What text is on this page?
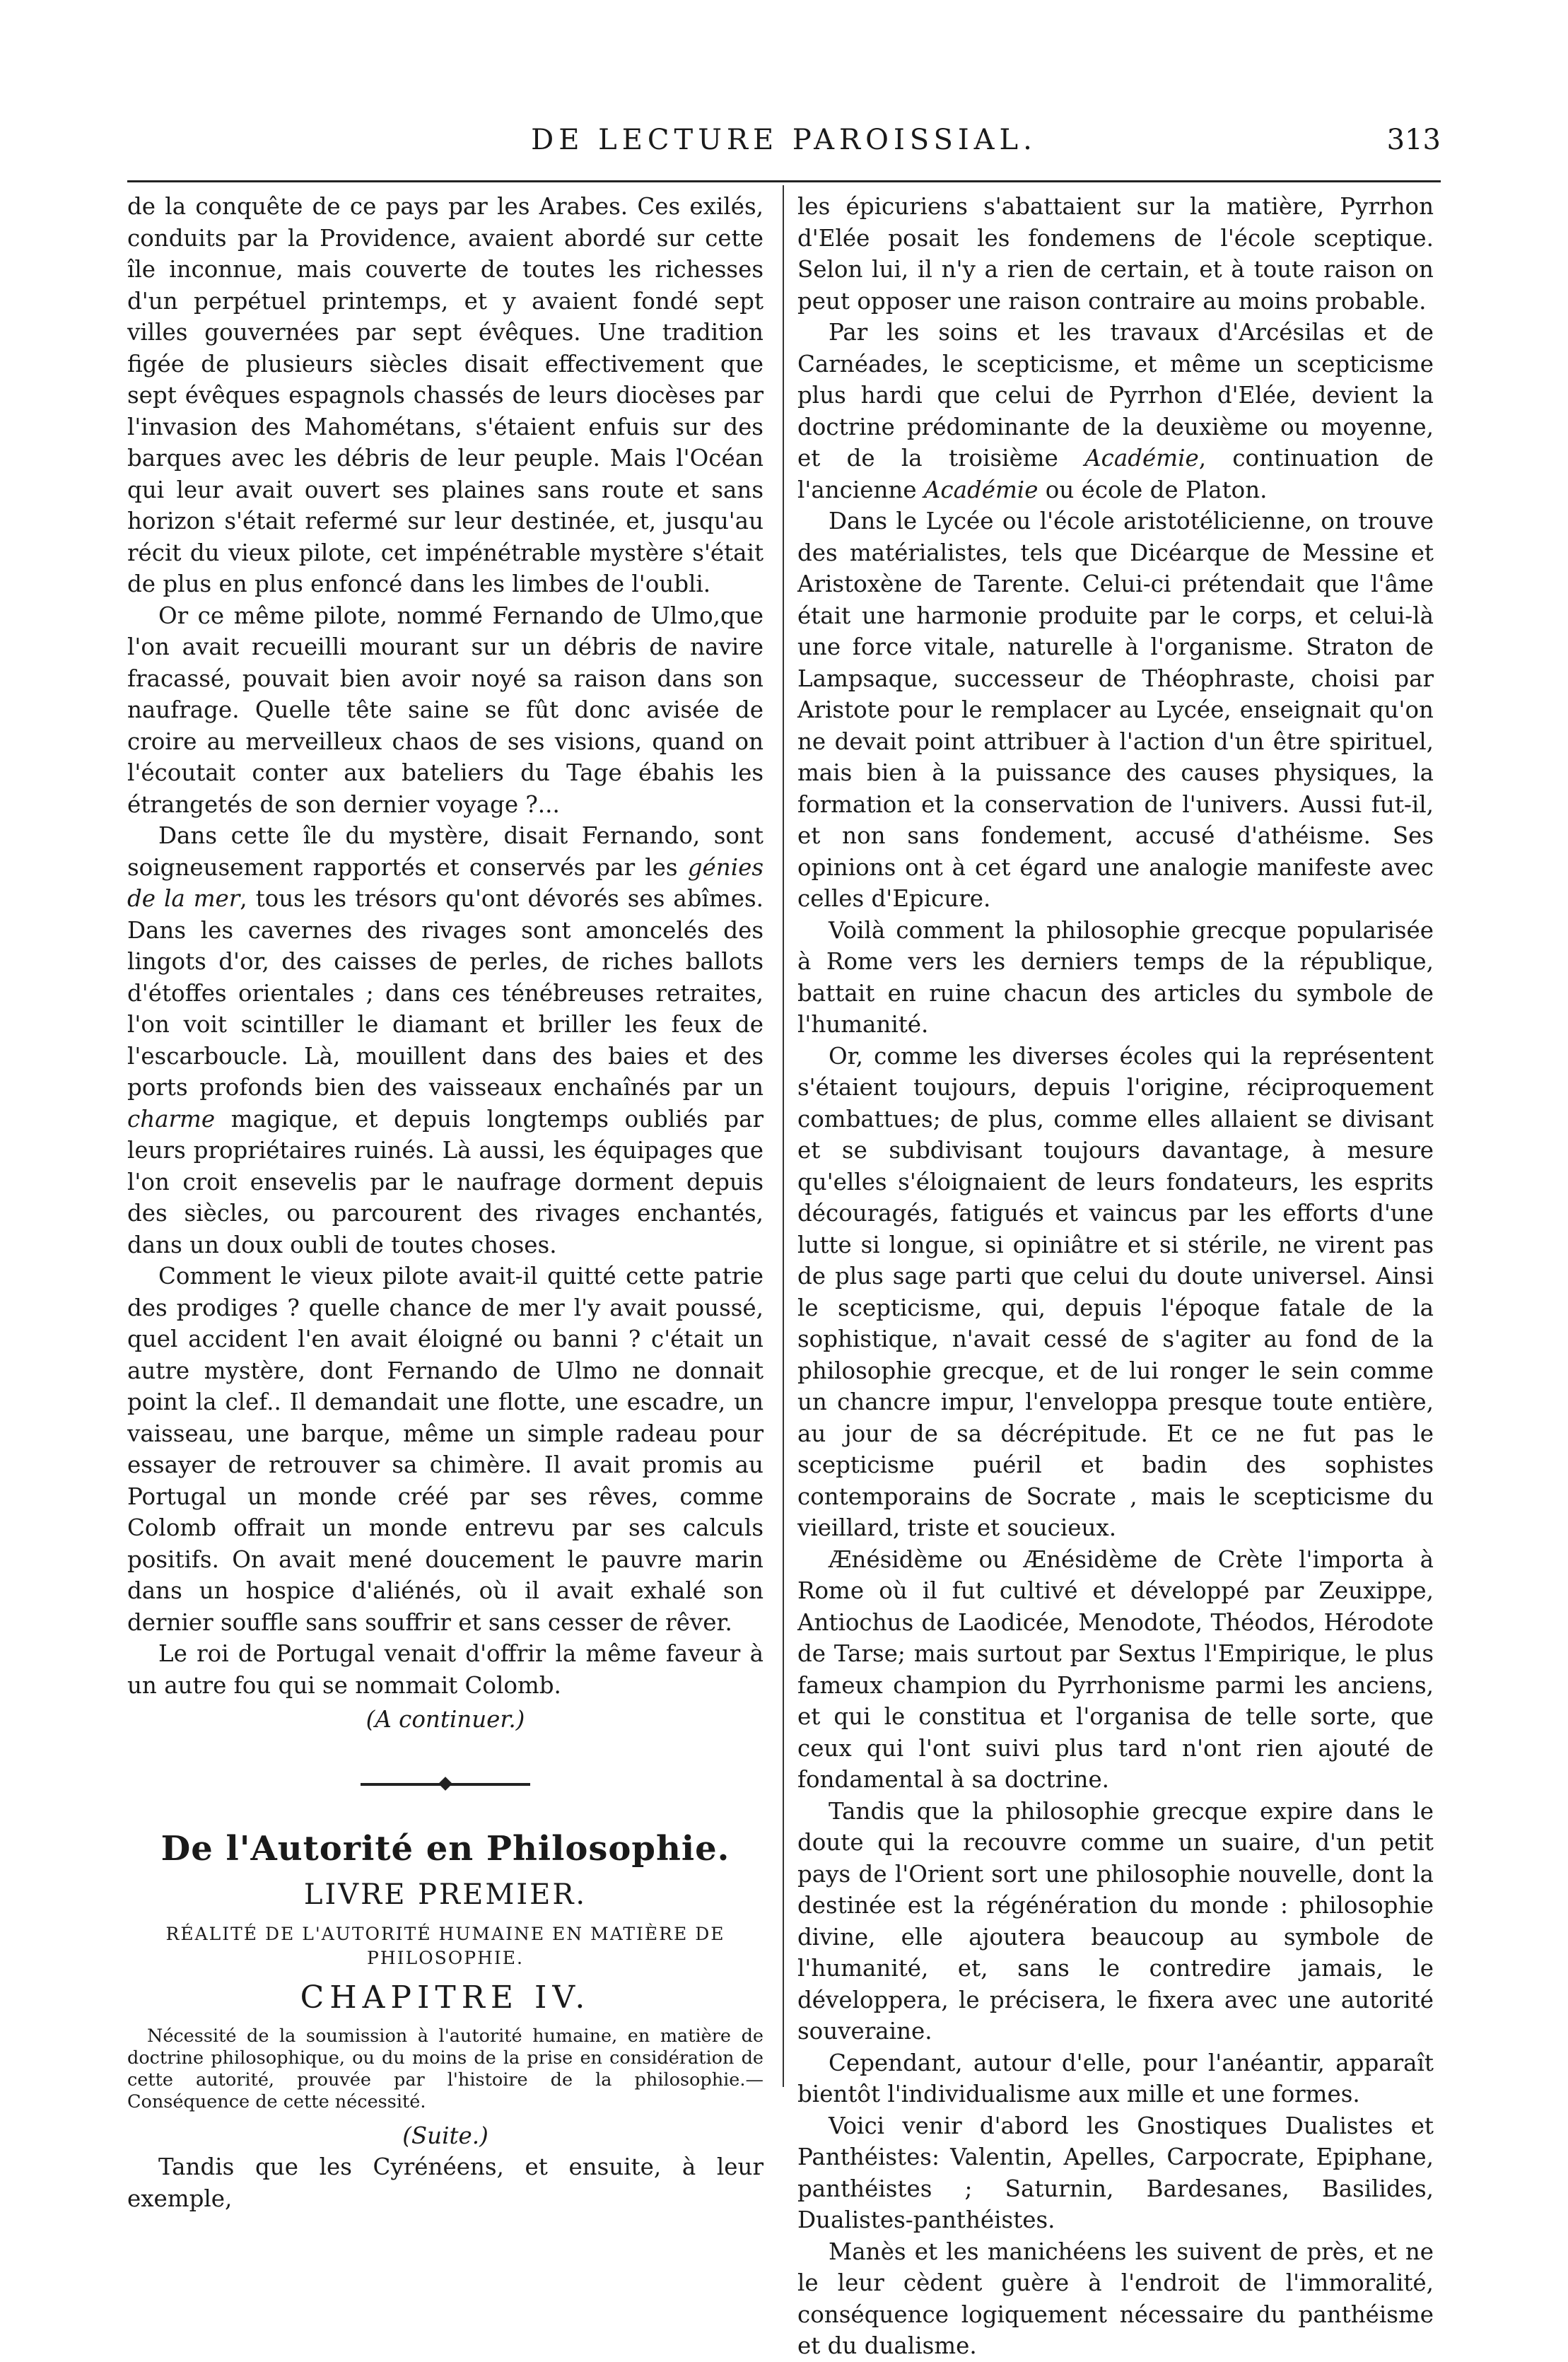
DE LECTURE PAROISSIAL.	313

de la conquête de ce pays par les Arabes. Ces exilés, conduits par la Providence, avaient abordé sur cette île inconnue, mais couverte de toutes les richesses d'un perpétuel printemps, et y avaient fondé sept villes gouvernées par sept évêques. Une tradition figée de plusieurs siècles disait effectivement que sept évêques espagnols chassés de leurs diocèses par l'invasion des Mahométans, s'étaient enfuis sur des barques avec les débris de leur peuple. Mais l'Océan qui leur avait ouvert ses plaines sans route et sans horizon s'était refermé sur leur destinée, et, jusqu'au récit du vieux pilote, cet impénétrable mystère s'était de plus en plus enfoncé dans les limbes de l'oubli.

Or ce même pilote, nommé Fernando de Ulmo,que l'on avait recueilli mourant sur un débris de navire fracassé, pouvait bien avoir noyé sa raison dans son naufrage. Quelle tête saine se fût donc avisée de croire au merveilleux chaos de ses visions, quand on l'écoutait conter aux bateliers du Tage ébahis les étrangetés de son dernier voyage ?...

Dans cette île du mystère, disait Fernando, sont soigneusement rapportés et conservés par les génies de la mer, tous les trésors qu'ont dévorés ses abîmes. Dans les cavernes des rivages sont amoncelés des lingots d'or, des caisses de perles, de riches ballots d'étoffes orientales ; dans ces ténébreuses retraites, l'on voit scintiller le diamant et briller les feux de l'escarboucle. Là, mouillent dans des baies et des ports profonds bien des vaisseaux enchaînés par un charme magique, et depuis longtemps oubliés par leurs propriétaires ruinés. Là aussi, les équipages que l'on croit ensevelis par le naufrage dorment depuis des siècles, ou parcourent des rivages enchantés, dans un doux oubli de toutes choses.

Comment le vieux pilote avait-il quitté cette patrie des prodiges ? quelle chance de mer l'y avait poussé, quel accident l'en avait éloigné ou banni ? c'était un autre mystère, dont Fernando de Ulmo ne donnait point la clef.. Il demandait une flotte, une escadre, un vaisseau, une barque, même un simple radeau pour essayer de retrouver sa chimère. Il avait promis au Portugal un monde créé par ses rêves, comme Colomb offrait un monde entrevu par ses calculs positifs. On avait mené doucement le pauvre marin dans un hospice d'aliénés, où il avait exhalé son dernier souffle sans souffrir et sans cesser de rêver.

Le roi de Portugal venait d'offrir la même faveur à un autre fou qui se nommait Colomb.

(A continuer.)
De l'Autorité en Philosophie.
LIVRE PREMIER.
RÉALITÉ DE L'AUTORITÉ HUMAINE EN MATIÈRE DE PHILOSOPHIE.
CHAPITRE IV.
Nécessité de la soumission à l'autorité humaine, en matière de doctrine philosophique, ou du moins de la prise en considération de cette autorité, prouvée par l'histoire de la philosophie.—Conséquence de cette nécessité.
(Suite.)

Tandis que les Cyrénéens, et ensuite, à leur exemple,

les épicuriens s'abattaient sur la matière, Pyrrhon d'Elée posait les fondemens de l'école sceptique. Selon lui, il n'y a rien de certain, et à toute raison on peut opposer une raison contraire au moins probable.

Par les soins et les travaux d'Arcésilas et de Carnéades, le scepticisme, et même un scepticisme plus hardi que celui de Pyrrhon d'Elée, devient la doctrine prédominante de la deuxième ou moyenne, et de la troisième Académie, continuation de l'ancienne Académie ou école de Platon.

Dans le Lycée ou l'école aristotélicienne, on trouve des matérialistes, tels que Dicéarque de Messine et Aristoxène de Tarente. Celui-ci prétendait que l'âme était une harmonie produite par le corps, et celui-là une force vitale, naturelle à l'organisme. Straton de Lampsaque, successeur de Théophraste, choisi par Aristote pour le remplacer au Lycée, enseignait qu'on ne devait point attribuer à l'action d'un être spirituel, mais bien à la puissance des causes physiques, la formation et la conservation de l'univers. Aussi fut-il, et non sans fondement, accusé d'athéisme. Ses opinions ont à cet égard une analogie manifeste avec celles d'Epicure.

Voilà comment la philosophie grecque popularisée à Rome vers les derniers temps de la république, battait en ruine chacun des articles du symbole de l'humanité.

Or, comme les diverses écoles qui la représentent s'étaient toujours, depuis l'origine, réciproquement combattues; de plus, comme elles allaient se divisant et se subdivisant toujours davantage, à mesure qu'elles s'éloignaient de leurs fondateurs, les esprits découragés, fatigués et vaincus par les efforts d'une lutte si longue, si opiniâtre et si stérile, ne virent pas de plus sage parti que celui du doute universel. Ainsi le scepticisme, qui, depuis l'époque fatale de la sophistique, n'avait cessé de s'agiter au fond de la philosophie grecque, et de lui ronger le sein comme un chancre impur, l'enveloppa presque toute entière, au jour de sa décrépitude. Et ce ne fut pas le scepticisme puéril et badin des sophistes contemporains de Socrate , mais le scepticisme du vieillard, triste et soucieux.

Ænésidème ou Ænésidème de Crète l'importa à Rome où il fut cultivé et développé par Zeuxippe, Antiochus de Laodicée, Menodote, Théodos, Hérodote de Tarse; mais surtout par Sextus l'Empirique, le plus fameux champion du Pyrrhonisme parmi les anciens, et qui le constitua et l'organisa de telle sorte, que ceux qui l'ont suivi plus tard n'ont rien ajouté de fondamental à sa doctrine.

Tandis que la philosophie grecque expire dans le doute qui la recouvre comme un suaire, d'un petit pays de l'Orient sort une philosophie nouvelle, dont la destinée est la régénération du monde : philosophie divine, elle ajoutera beaucoup au symbole de l'humanité, et, sans le contredire jamais, le développera, le précisera, le fixera avec une autorité souveraine.

Cependant, autour d'elle, pour l'anéantir, apparaît bientôt l'individualisme aux mille et une formes.

Voici venir d'abord les Gnostiques Dualistes et Panthéistes: Valentin, Apelles, Carpocrate, Epiphane, panthéistes ; Saturnin, Bardesanes, Basilides, Dualistes-panthéistes.

Manès et les manichéens les suivent de près, et ne le leur cèdent guère à l'endroit de l'immoralité, conséquence logiquement nécessaire du panthéisme et du dualisme.
